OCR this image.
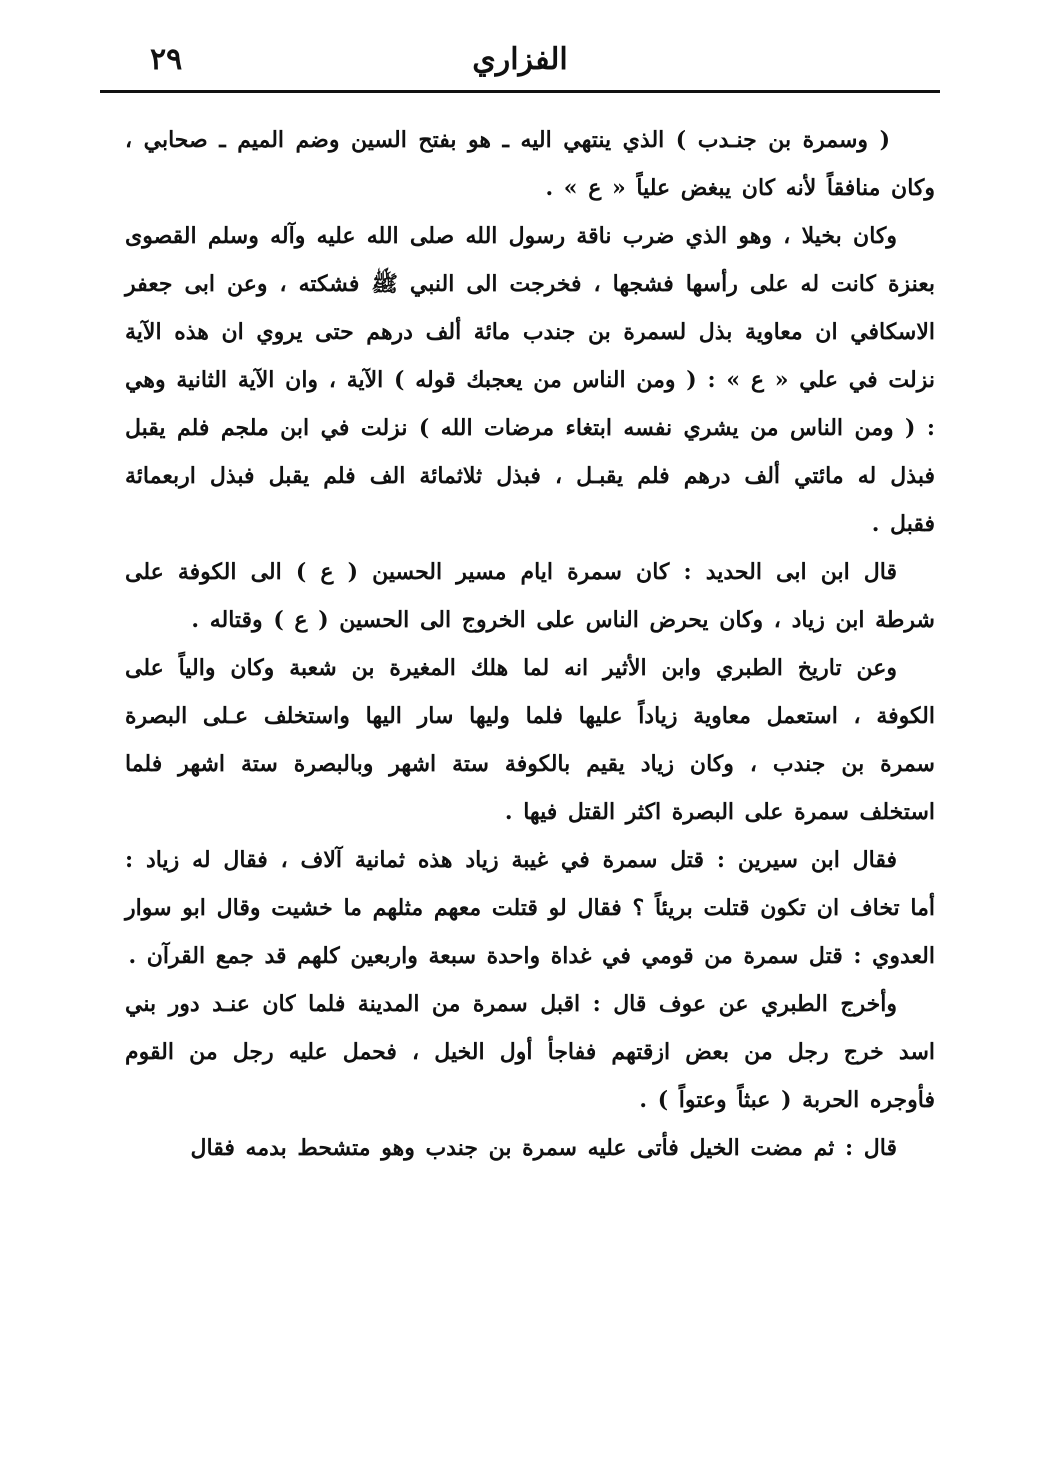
الفزاري
٢٩

( وسمرة بن جنـدب ) الذي ينتهي اليه ـ هو بفتح السين وضم الميم ـ صحابي ، وكان منافقاً لأنه كان يبغض علياً « ع » .

وكان بخيلا ، وهو الذي ضرب ناقة رسول الله صلى الله عليه وآله وسلم القصوى بعنزة كانت له على رأسها فشجها ، فخرجت الى النبي ﷺ فشكته ، وعن ابى جعفر الاسكافي ان معاوية بذل لسمرة بن جندب مائة ألف درهم حتى يروي ان هذه الآية نزلت في علي « ع » : ( ومن الناس من يعجبك قوله ) الآية ، وان الآية الثانية وهي : ( ومن الناس من يشري نفسه ابتغاء مرضات الله ) نزلت في ابن ملجم فلم يقبل فبذل له مائتي ألف درهم فلم يقبـل ، فبذل ثلاثمائة الف فلم يقبل فبذل اربعمائة فقبل .

قال ابن ابى الحديد : كان سمرة ايام مسير الحسين ( ع ) الى الكوفة على شرطة ابن زياد ، وكان يحرض الناس على الخروج الى الحسين ( ع ) وقتاله .

وعن تاريخ الطبري وابن الأثير انه لما هلك المغيرة بن شعبة وكان والياً على الكوفة ، استعمل معاوية زياداً عليها فلما وليها سار اليها واستخلف عـلى البصرة سمرة بن جندب ، وكان زياد يقيم بالكوفة ستة اشهر وبالبصرة ستة اشهر فلما استخلف سمرة على البصرة اكثر القتل فيها .

فقال ابن سيرين : قتل سمرة في غيبة زياد هذه ثمانية آلاف ، فقال له زياد : أما تخاف ان تكون قتلت بريئاً ؟ فقال لو قتلت معهم مثلهم ما خشيت وقال ابو سوار العدوي : قتل سمرة من قومي في غداة واحدة سبعة واربعين كلهم قد جمع القرآن .

وأخرج الطبري عن عوف قال : اقبل سمرة من المدينة فلما كان عنـد دور بني اسد خرج رجل من بعض ازقتهم ففاجأ أول الخيل ، فحمل عليه رجل من القوم فأوجره الحربة ( عبثاً وعتواً ) .

قال : ثم مضت الخيل فأتى عليه سمرة بن جندب وهو متشحط بدمه فقال
